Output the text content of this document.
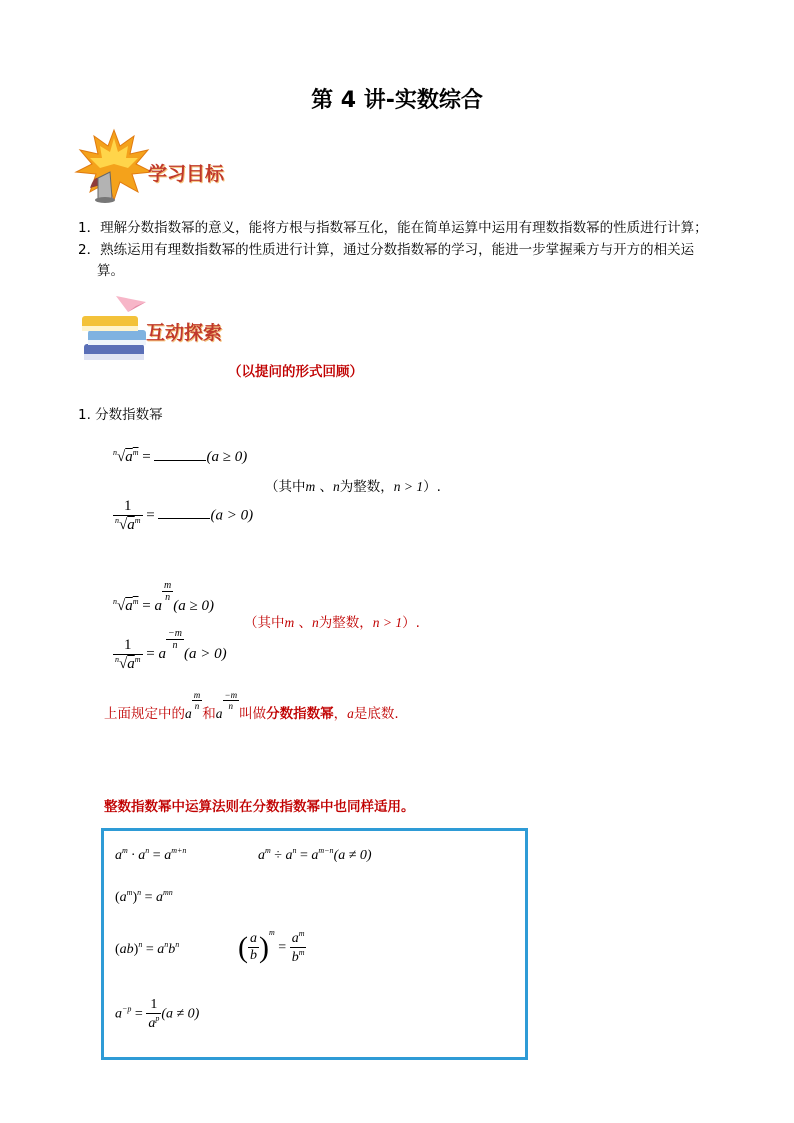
第 4 讲-实数综合
学习目标
1．理解分数指数幂的意义，能将方根与指数幂互化，能在简单运算中运用有理数指数幂的性质进行计算；
2．熟练运用有理数指数幂的性质进行计算，通过分数指数幂的学习，能进一步掌握乘方与开方的相关运
算。
互动探索
（以提问的形式回顾）
1. 分数指数幂
$^n√a^m$ =	(a ≥ 0)
（其中m 、n为整数，n > 1）.
$\frac{1}{^n√a^m}$ =	(a > 0)
$^n√a^m = a$
$\frac{m}{n}$
(a ≥ 0)
（其中m 、n为整数，n > 1）.
$\frac{1}{^n√a^m} = a$
$\frac{-m}{n}$
(a > 0)
上面规定中的a
$\frac{m}{n}$
和a
$\frac{-m}{n}$
叫做分数指数幂，a是底数.
整数指数幂中运算法则在分数指数幂中也同样适用。
$a^m \cdot a^n = a^{m+n}$	$a^m \div a^n = a^{m-n}(a \ne 0)$
$(a^m)^n = a^{mn}$
$(ab)^n = a^nb^n$ ( $\frac{a}{b} )^m = \frac{a^m}{b^m}$
$a^{-p} = \frac{1}{a^p} (a \ne 0)$
